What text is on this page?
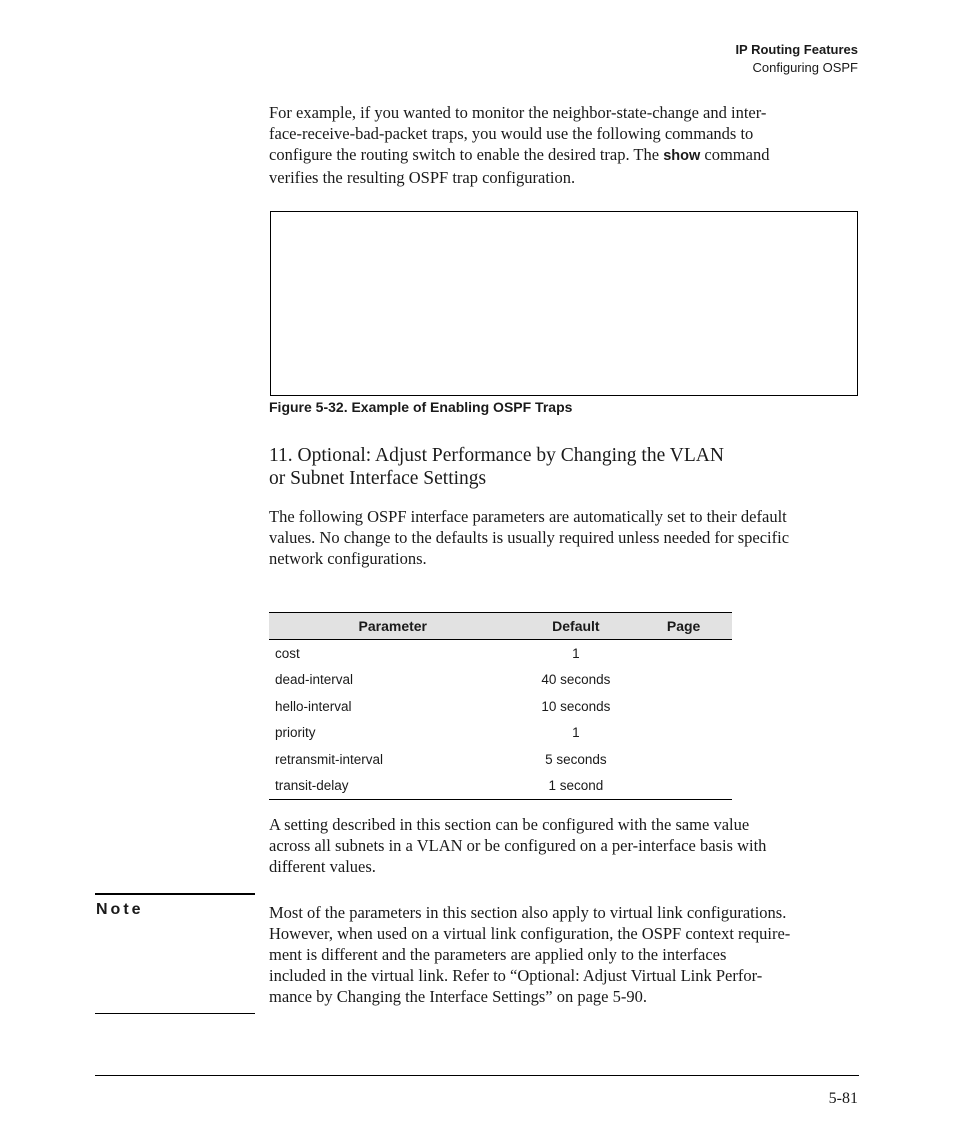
IP Routing Features
Configuring OSPF

For example, if you wanted to monitor the neighbor-state-change and inter-
face-receive-bad-packet traps, you would use the following commands to
configure the routing switch to enable the desired trap. The show command
verifies the resulting OSPF trap configuration.

Figure 5-32. Example of Enabling OSPF Traps
11. Optional: Adjust Performance by Changing the VLAN
or Subnet Interface Settings

The following OSPF interface parameters are automatically set to their default
values. No change to the defaults is usually required unless needed for specific
network configurations.

Parameter	Default	Page
cost	1	
dead-interval	40 seconds	
hello-interval	10 seconds	
priority	1	
retransmit-interval	5 seconds	
transit-delay	1 second	

A setting described in this section can be configured with the same value
across all subnets in a VLAN or be configured on a per-interface basis with
different values.

Note	Most of the parameters in this section also apply to virtual link configurations.
However, when used on a virtual link configuration, the OSPF context require-
ment is different and the parameters are applied only to the interfaces
included in the virtual link. Refer to “Optional: Adjust Virtual Link Perfor-
mance by Changing the Interface Settings” on page 5-90.

5-81
